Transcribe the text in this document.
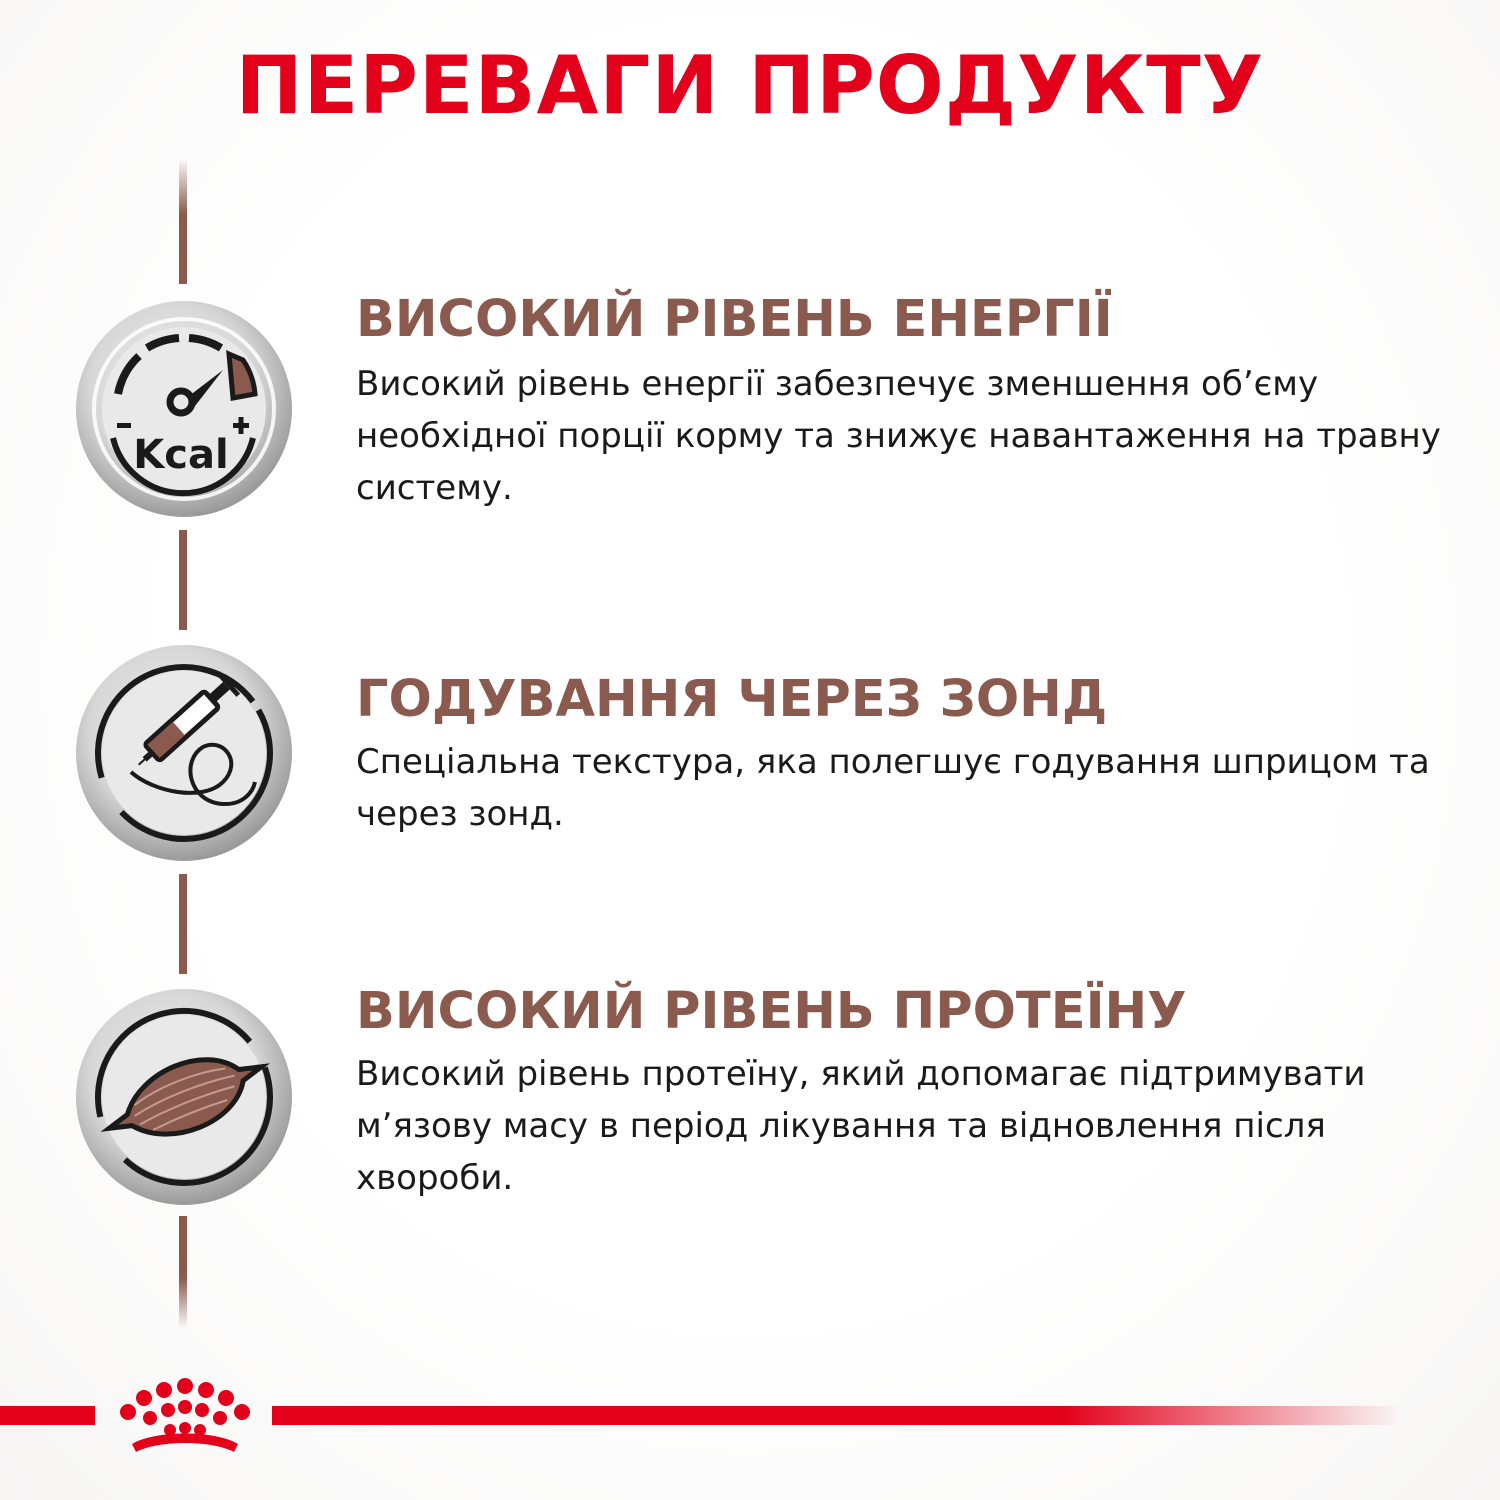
ПЕРЕВАГИ ПРОДУКТУ
Kcal
ВИСОКИЙ РІВЕНЬ ЕНЕРГІЇ
Високий рівень енергії забезпечує зменшення об’єму необхідної порції корму та знижує навантаження на травну систему.
ГОДУВАННЯ ЧЕРЕЗ ЗОНД
Спеціальна текстура, яка полегшує годування шприцом та через зонд.
ВИСОКИЙ РІВЕНЬ ПРОТЕЇНУ
Високий рівень протеїну, який допомагає підтримувати м’язову масу в період лікування та відновлення після хвороби.
